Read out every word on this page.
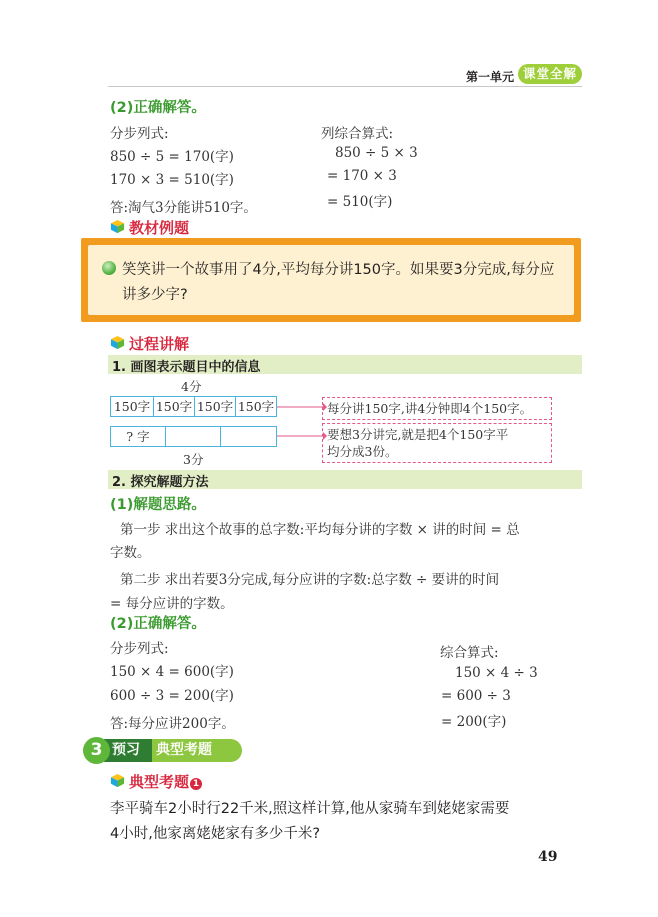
第一单元 课堂全解
(2)正确解答。
分步列式:
850 ÷ 5 = 170(字)
170 × 3 = 510(字)
列综合算式:
850 ÷ 5 × 3
= 170 × 3
= 510(字)
答:淘气3分能讲510字。
教材例题
笑笑讲一个故事用了4分,平均每分讲150字。如果要3分完成,每分应讲多少字?
过程讲解
1. 画图表示题目中的信息
4分
150字 150字 150字 150字
? 字
3分
每分讲150字,讲4分钟即4个150字。
要想3分讲完,就是把4个150字平
均分成3份。
2. 探究解题方法
(1)解题思路。
第一步 求出这个故事的总字数:平均每分讲的字数 × 讲的时间 = 总
字数。
第二步 求出若要3分完成,每分应讲的字数:总字数 ÷ 要讲的时间
= 每分应讲的字数。
(2)正确解答。
分步列式:
150 × 4 = 600(字)
600 ÷ 3 = 200(字)
答:每分应讲200字。
综合算式:
150 × 4 ÷ 3
= 600 ÷ 3
= 200(字)
典型考题
预习
3
典型考题 1
李平骑车2小时行22千米,照这样计算,他从家骑车到姥姥家需要
4小时,他家离姥姥家有多少千米?
49
